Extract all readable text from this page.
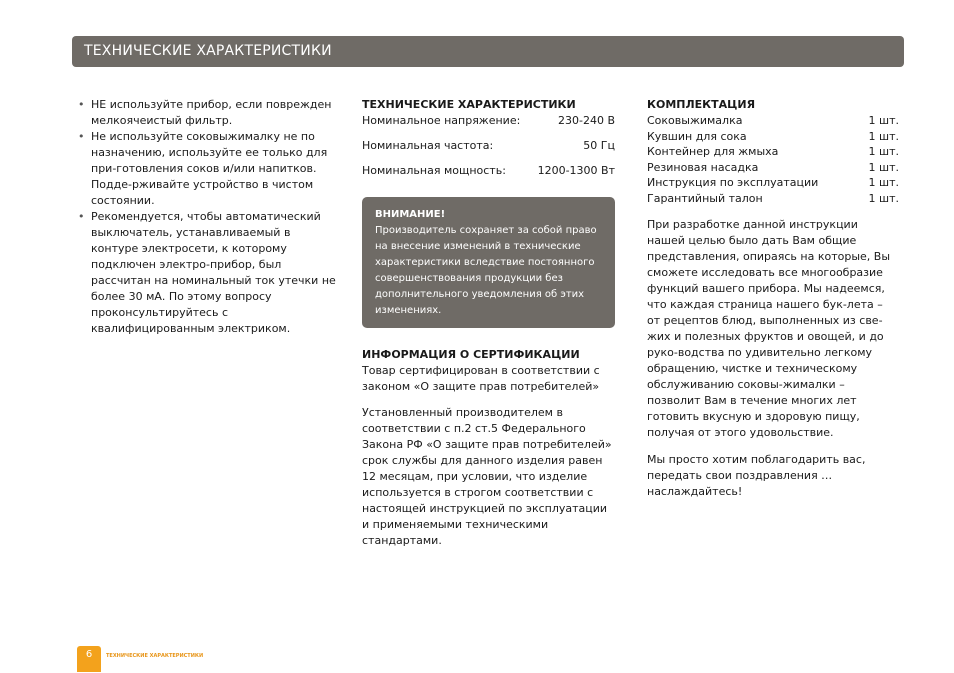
ТЕХНИЧЕСКИЕ ХАРАКТЕРИСТИКИ
• НЕ используйте прибор, если поврежден мелкоячеистый фильтр.
• Не используйте соковыжималку не по назначению, используйте ее только для при-готовления соков и/или напитков. Подде-рживайте устройство в чистом состоянии.
• Рекомендуется, чтобы автоматический выключатель, устанавливаемый в контуре электросети, к которому подключен электро-прибор, был рассчитан на номинальный ток утечки не более 30 мА. По этому вопросу проконсультируйтесь с квалифицированным электриком.
ТЕХНИЧЕСКИЕ ХАРАКТЕРИСТИКИ
Номинальное напряжение:	230-240 В
Номинальная частота:	50 Гц
Номинальная мощность:	1200-1300 Вт
ВНИМАНИЕ!
Производитель сохраняет за собой право на внесение изменений в технические характеристики вследствие постоянного совершенствования продукции без дополнительного уведомления об этих изменениях.
ИНФОРМАЦИЯ О СЕРТИФИКАЦИИ

Товар сертифицирован в соответствии с законом «О защите прав потребителей»

Установленный производителем в соответствии с п.2 ст.5 Федерального Закона РФ «О защите прав потребителей» срок службы для данного изделия равен 12 месяцам, при условии, что изделие используется в строгом соответствии с настоящей инструкцией по эксплуатации и применяемыми техническими стандартами.

КОМПЛЕКТАЦИЯ
Соковыжималка	1 шт.
Кувшин для сока	1 шт.
Контейнер для жмыха	1 шт.
Резиновая насадка	1 шт.
Инструкция по эксплуатации	1 шт.
Гарантийный талон	1 шт.

При разработке данной инструкции нашей целью было дать Вам общие представления, опираясь на которые, Вы сможете исследовать все многообразие функций вашего прибора. Мы надеемся, что каждая страница нашего бук-лета – от рецептов блюд, выполненных из све-жих и полезных фруктов и овощей, и до руко-водства по удивительно легкому обращению, чистке и техническому обслуживанию соковы-жималки – позволит Вам в течение многих лет готовить вкусную и здоровую пищу, получая от этого удовольствие.

Мы просто хотим поблагодарить вас, передать свои поздравления …

наслаждайтесь!

6	ТЕХНИЧЕСКИЕ ХАРАКТЕРИСТИКИ
